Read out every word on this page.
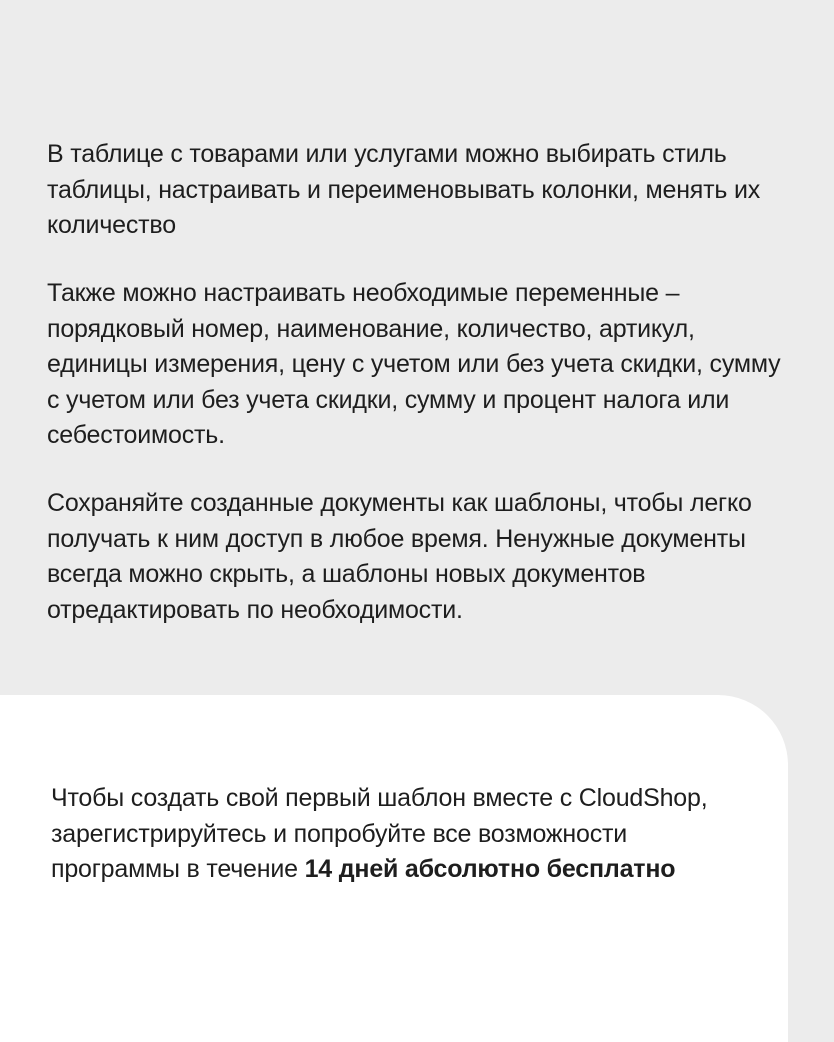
В таблице с товарами или услугами можно выбирать стиль таблицы, настраивать и переименовывать колонки, менять их количество

Также можно настраивать необходимые переменные – порядковый номер, наименование, количество, артикул, единицы измерения, цену с учетом или без учета скидки, сумму с учетом или без учета скидки, сумму и процент налога или себестоимость.

Сохраняйте созданные документы как шаблоны, чтобы легко получать к ним доступ в любое время. Ненужные документы всегда можно скрыть, а шаблоны новых документов отредактировать по необходимости.

Чтобы создать свой первый шаблон вместе с CloudShop, зарегистрируйтесь и попробуйте все возможности программы в течение 14 дней абсолютно бесплатно
